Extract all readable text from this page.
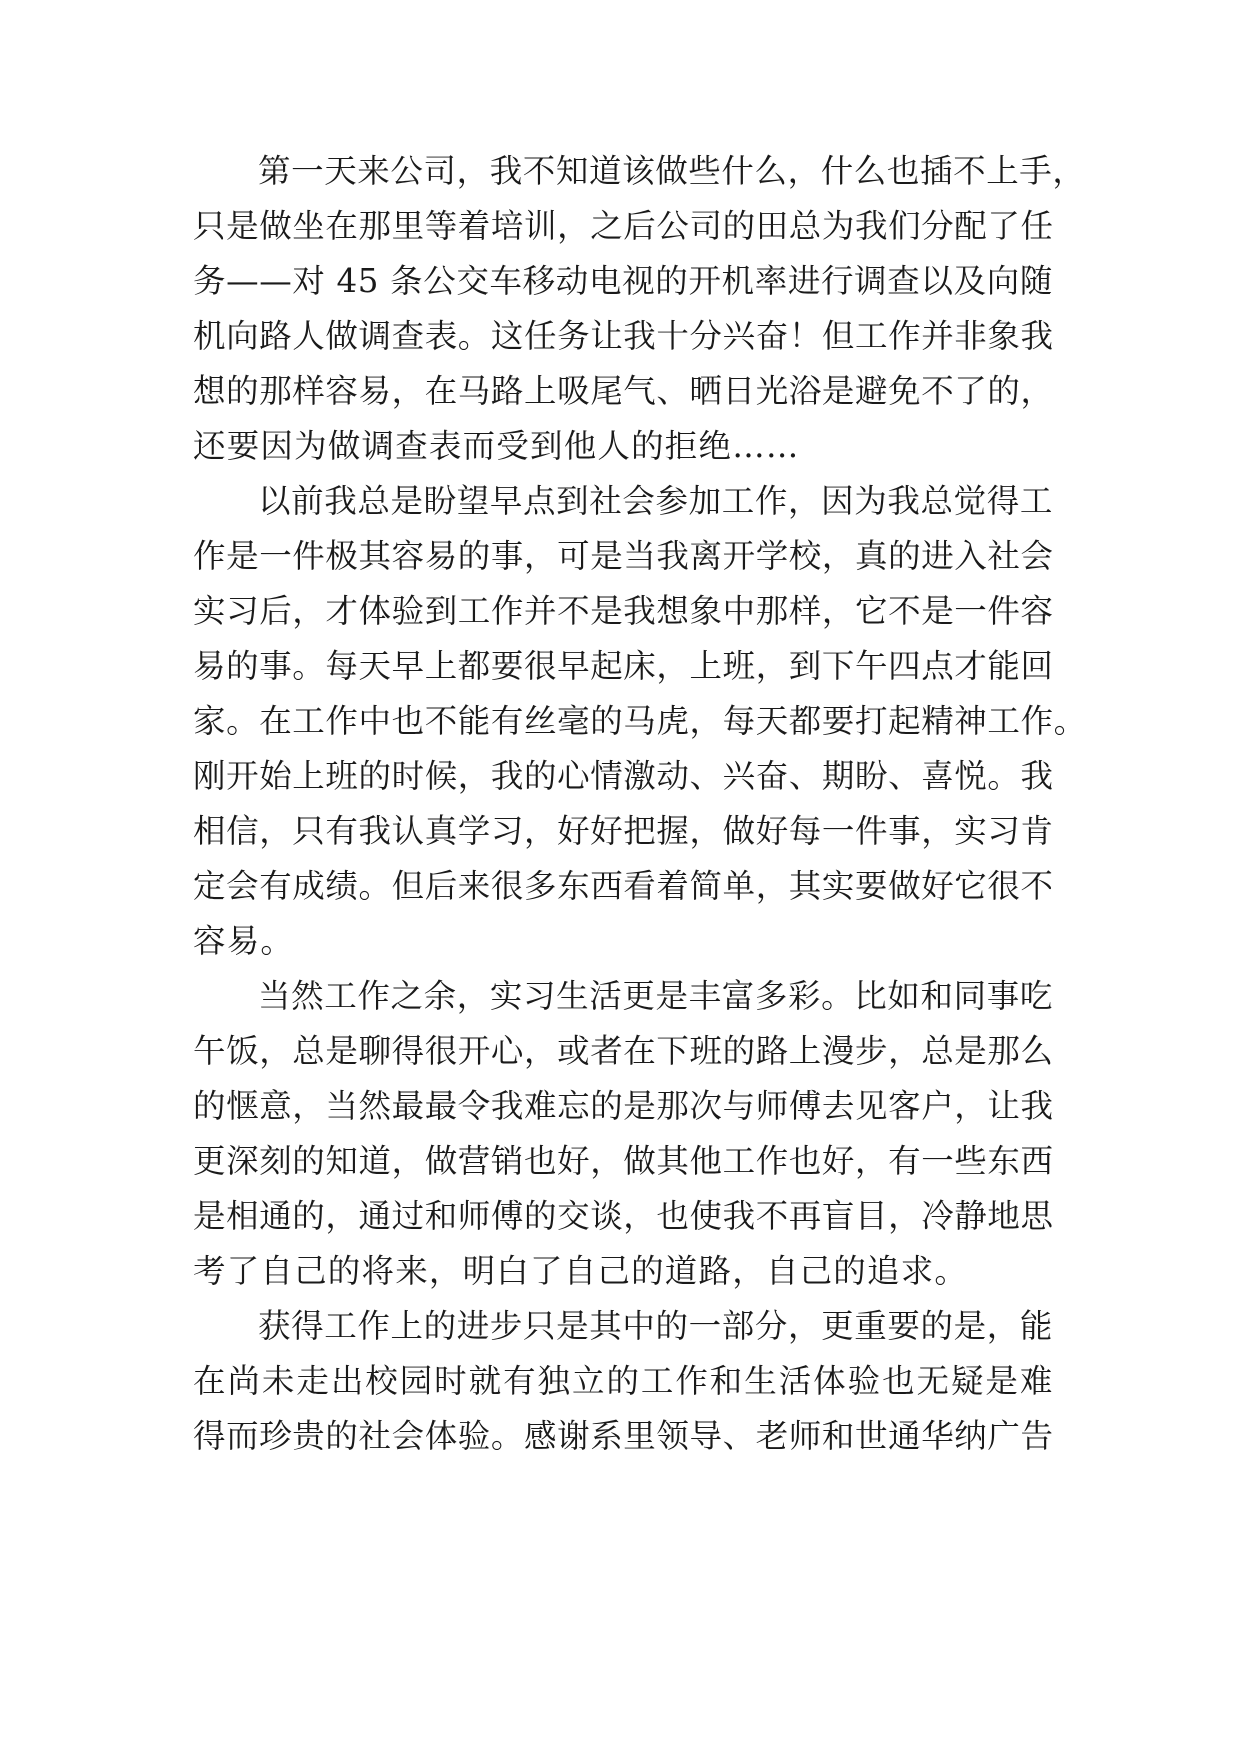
第一天来公司，我不知道该做些什么，什么也插不上手，
只是做坐在那里等着培训，之后公司的田总为我们分配了任
务——对 45 条公交车移动电视的开机率进行调查以及向随
机向路人做调查表。这任务让我十分兴奋！但工作并非象我
想的那样容易，在马路上吸尾气、晒日光浴是避免不了的，
还要因为做调查表而受到他人的拒绝……
以前我总是盼望早点到社会参加工作，因为我总觉得工
作是一件极其容易的事，可是当我离开学校，真的进入社会
实习后，才体验到工作并不是我想象中那样，它不是一件容
易的事。每天早上都要很早起床，上班，到下午四点才能回
家。在工作中也不能有丝毫的马虎，每天都要打起精神工作。
刚开始上班的时候，我的心情激动、兴奋、期盼、喜悦。我
相信，只有我认真学习，好好把握，做好每一件事，实习肯
定会有成绩。但后来很多东西看着简单，其实要做好它很不
容易。
当然工作之余，实习生活更是丰富多彩。比如和同事吃
午饭，总是聊得很开心，或者在下班的路上漫步，总是那么
的惬意，当然最最令我难忘的是那次与师傅去见客户，让我
更深刻的知道，做营销也好，做其他工作也好，有一些东西
是相通的，通过和师傅的交谈，也使我不再盲目，冷静地思
考了自己的将来，明白了自己的道路，自己的追求。
获得工作上的进步只是其中的一部分，更重要的是，能
在尚未走出校园时就有独立的工作和生活体验也无疑是难
得而珍贵的社会体验。感谢系里领导、老师和世通华纳广告
